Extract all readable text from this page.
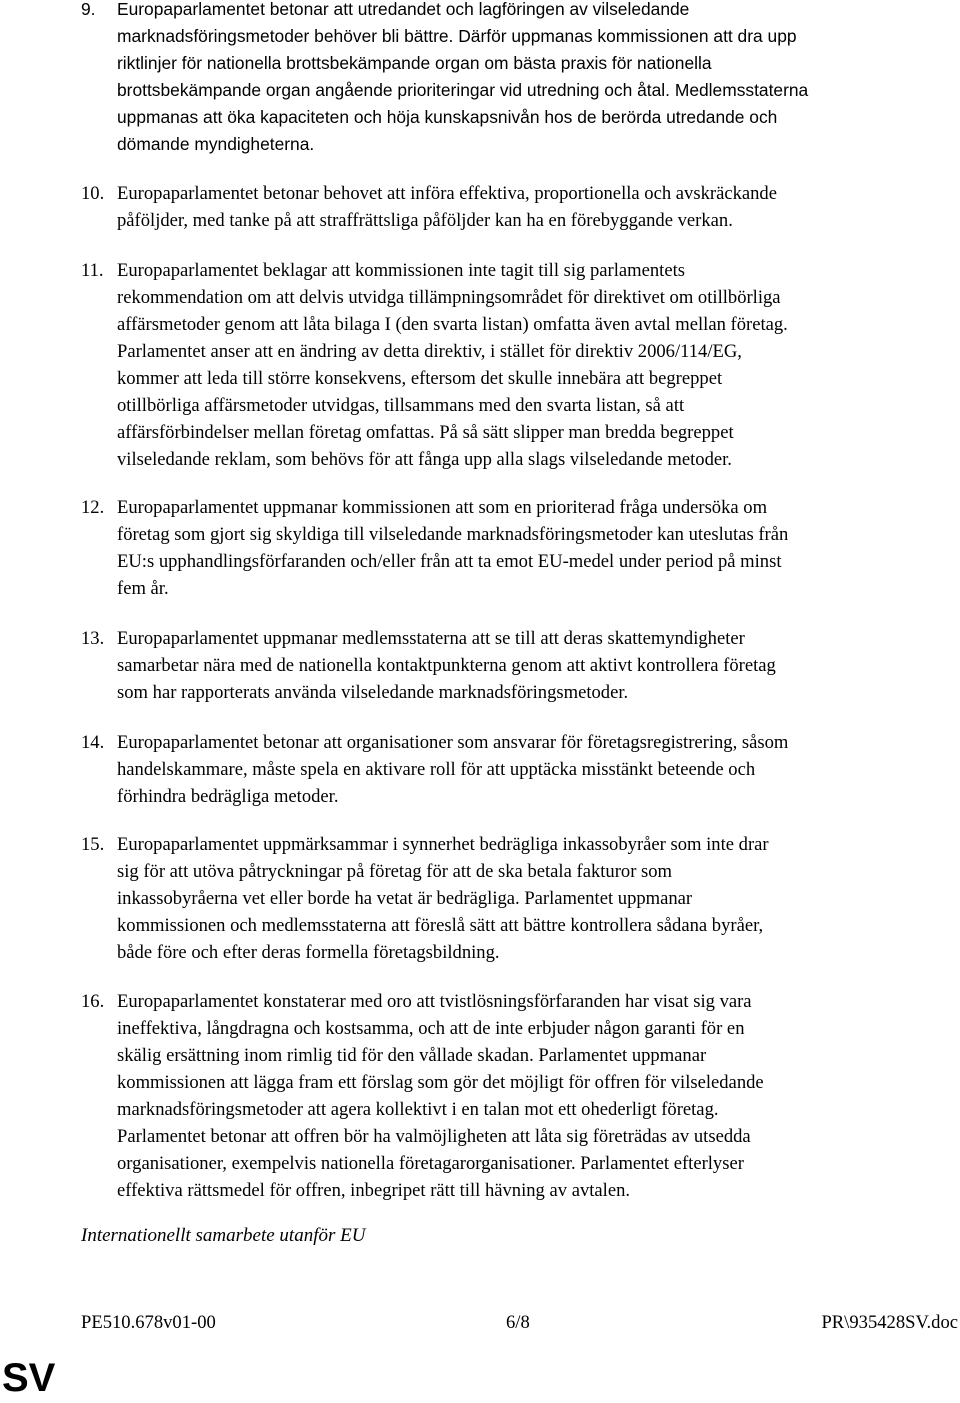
9. Europaparlamentet betonar att utredandet och lagföringen av vilseledande
marknadsföringsmetoder behöver bli bättre. Därför uppmanas kommissionen att dra upp
riktlinjer för nationella brottsbekämpande organ om bästa praxis för nationella
brottsbekämpande organ angående prioriteringar vid utredning och åtal. Medlemsstaterna
uppmanas att öka kapaciteten och höja kunskapsnivån hos de berörda utredande och
dömande myndigheterna.
10. Europaparlamentet betonar behovet att införa effektiva, proportionella och avskräckande
påföljder, med tanke på att straffrättsliga påföljder kan ha en förebyggande verkan.
11. Europaparlamentet beklagar att kommissionen inte tagit till sig parlamentets
rekommendation om att delvis utvidga tillämpningsområdet för direktivet om otillbörliga
affärsmetoder genom att låta bilaga I (den svarta listan) omfatta även avtal mellan företag.
Parlamentet anser att en ändring av detta direktiv, i stället för direktiv 2006/114/EG,
kommer att leda till större konsekvens, eftersom det skulle innebära att begreppet
otillbörliga affärsmetoder utvidgas, tillsammans med den svarta listan, så att
affärsförbindelser mellan företag omfattas. På så sätt slipper man bredda begreppet
vilseledande reklam, som behövs för att fånga upp alla slags vilseledande metoder.
12. Europaparlamentet uppmanar kommissionen att som en prioriterad fråga undersöka om
företag som gjort sig skyldiga till vilseledande marknadsföringsmetoder kan uteslutas från
EU:s upphandlingsförfaranden och/eller från att ta emot EU-medel under period på minst
fem år.
13. Europaparlamentet uppmanar medlemsstaterna att se till att deras skattemyndigheter
samarbetar nära med de nationella kontaktpunkterna genom att aktivt kontrollera företag
som har rapporterats använda vilseledande marknadsföringsmetoder.
14. Europaparlamentet betonar att organisationer som ansvarar för företagsregistrering, såsom
handelskammare, måste spela en aktivare roll för att upptäcka misstänkt beteende och
förhindra bedrägliga metoder.
15. Europaparlamentet uppmärksammar i synnerhet bedrägliga inkassobyråer som inte drar
sig för att utöva påtryckningar på företag för att de ska betala fakturor som
inkassobyråerna vet eller borde ha vetat är bedrägliga. Parlamentet uppmanar
kommissionen och medlemsstaterna att föreslå sätt att bättre kontrollera sådana byråer,
både före och efter deras formella företagsbildning.
16. Europaparlamentet konstaterar med oro att tvistlösningsförfaranden har visat sig vara
ineffektiva, långdragna och kostsamma, och att de inte erbjuder någon garanti för en
skälig ersättning inom rimlig tid för den vållade skadan. Parlamentet uppmanar
kommissionen att lägga fram ett förslag som gör det möjligt för offren för vilseledande
marknadsföringsmetoder att agera kollektivt i en talan mot ett ohederligt företag.
Parlamentet betonar att offren bör ha valmöjligheten att låta sig företrädas av utsedda
organisationer, exempelvis nationella företagarorganisationer. Parlamentet efterlyser
effektiva rättsmedel för offren, inbegripet rätt till hävning av avtalen.
Internationellt samarbete utanför EU
PE510.678v01-00	6/8	PR\935428SV.doc
SV
